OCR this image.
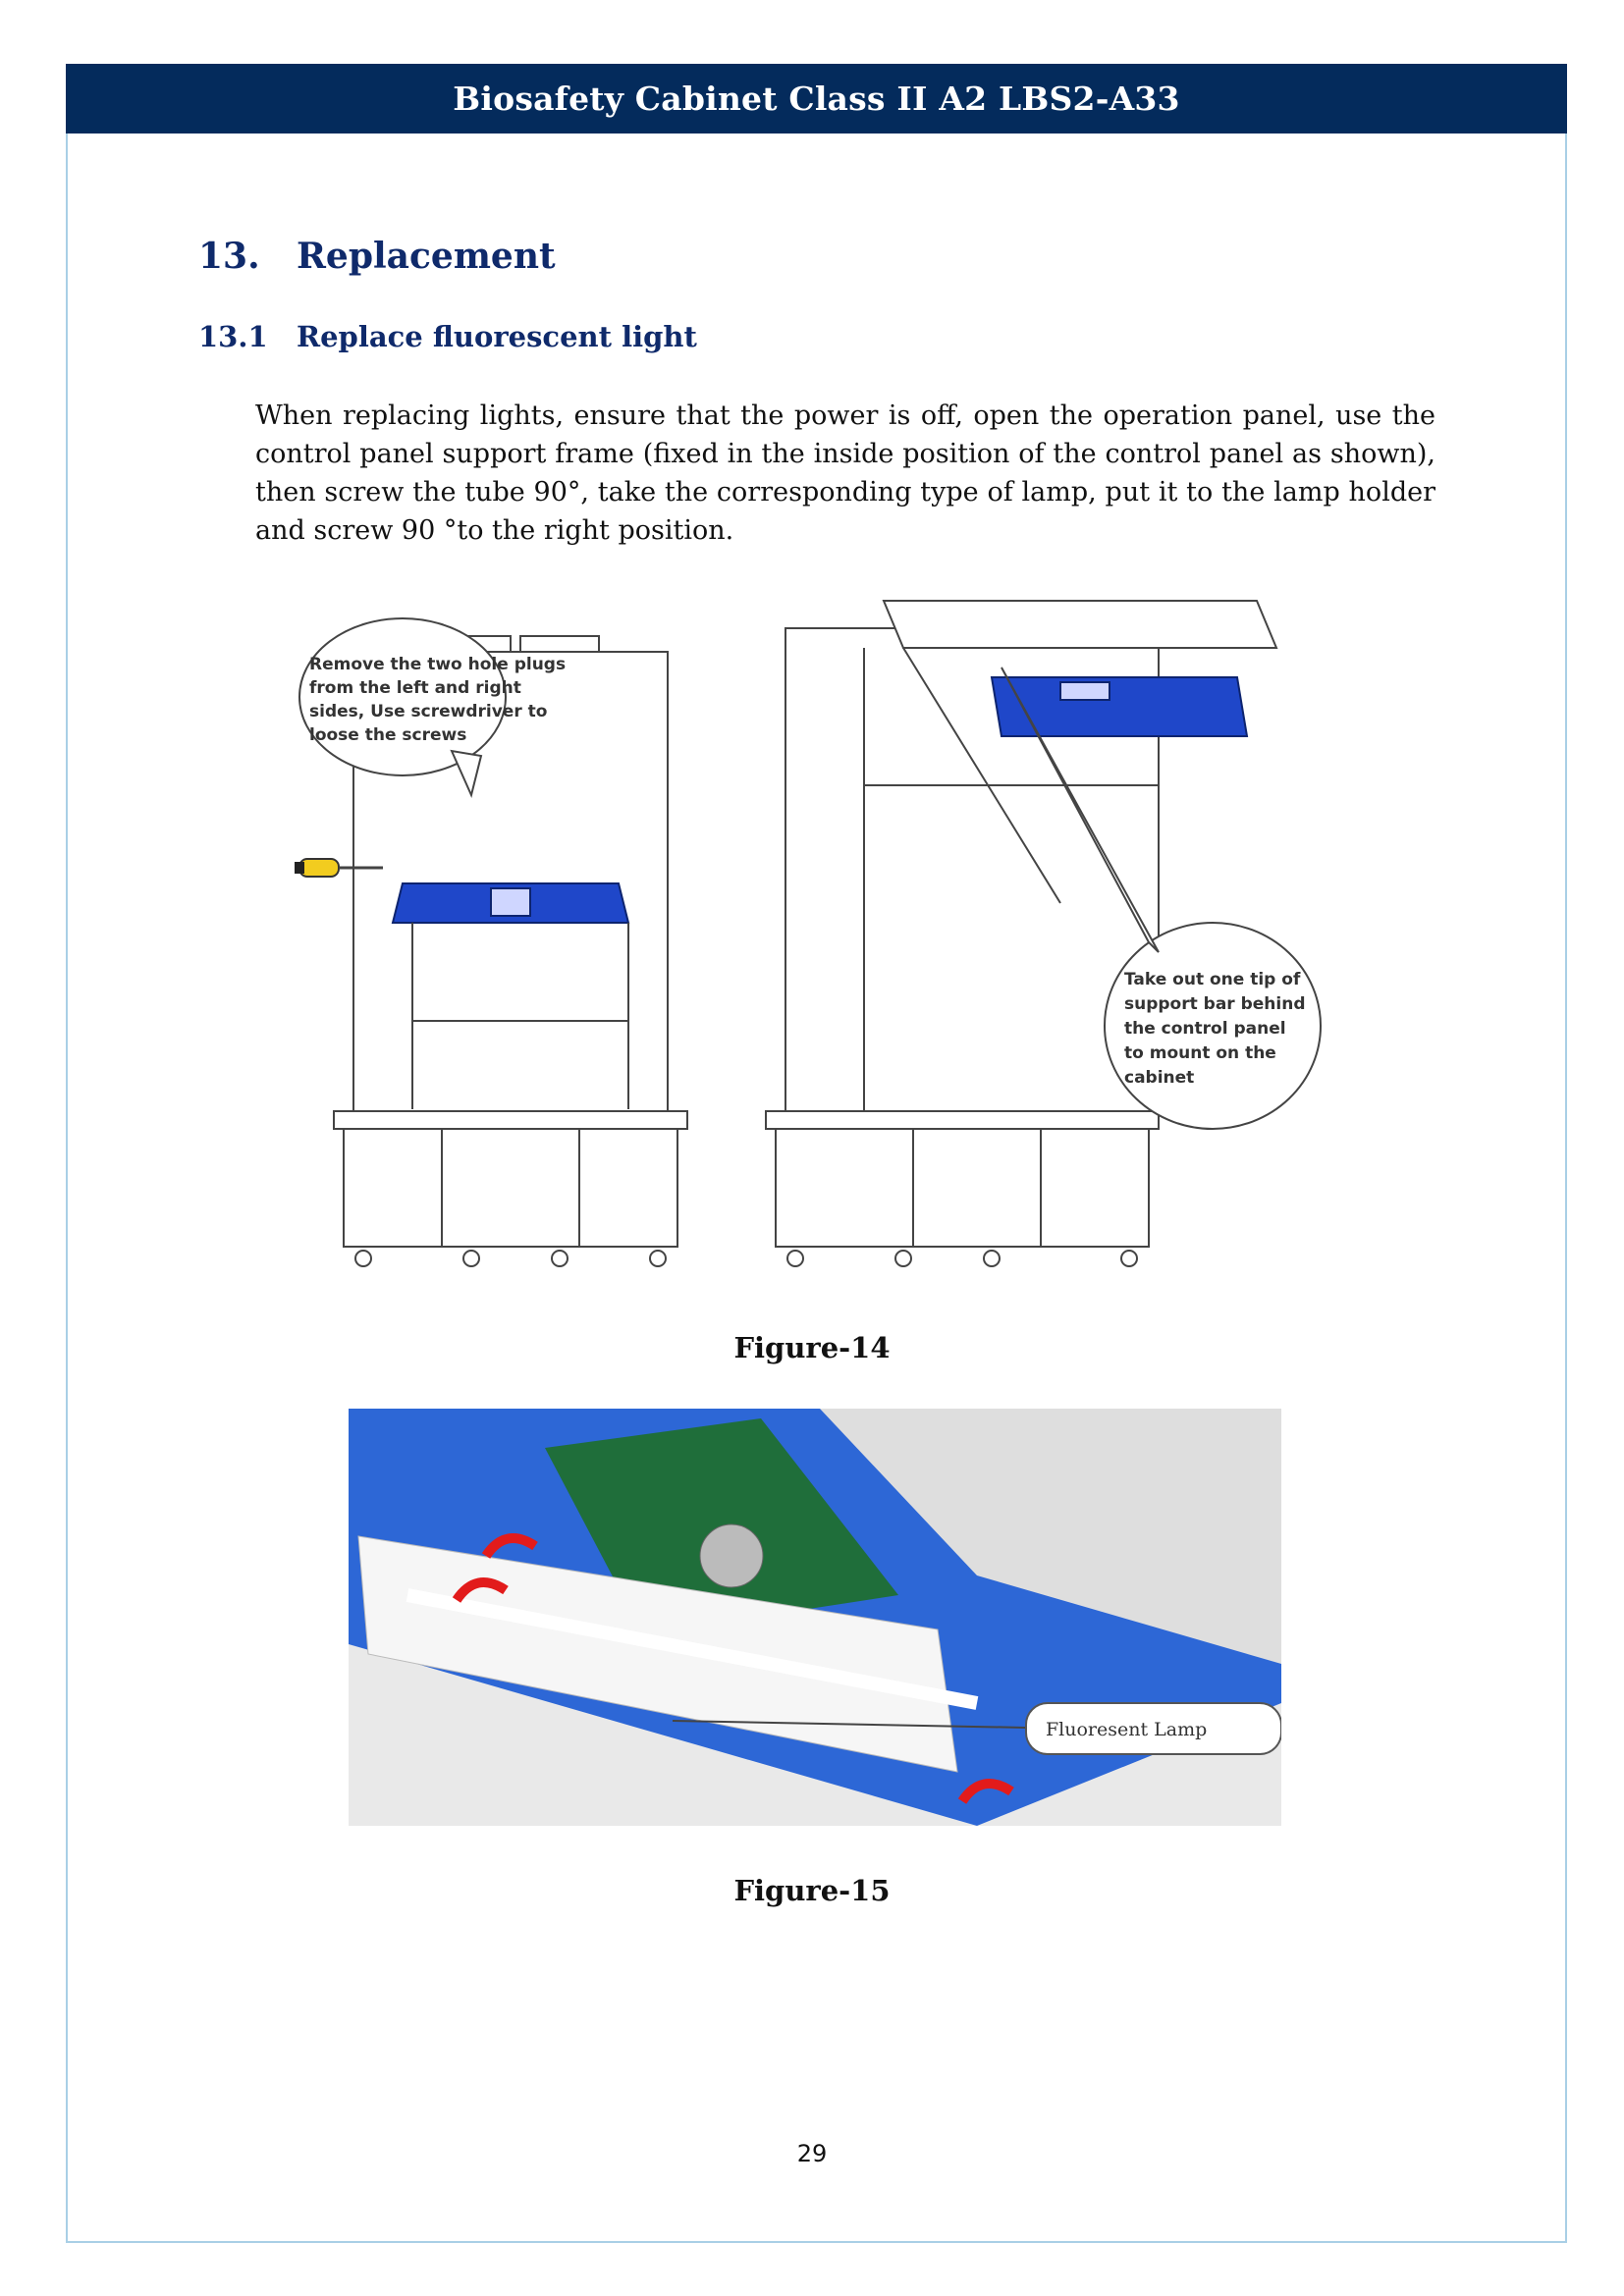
Biosafety Cabinet Class II A2 LBS2-A33
13. Replacement
13.1 Replace fluorescent light

When replacing lights, ensure that the power is off, open the operation panel, use the control panel support frame (fixed in the inside position of the control panel as shown), then screw the tube 90°, take the corresponding type of lamp, put it to the lamp holder and screw 90 °to the right position.

Remove the two hole plugs
from the left and right
sides, Use screwdriver to
loose the screws
Take out one tip of
support bar behind
the control panel
to mount on the
cabinet
Figure-14
Fluoresent Lamp
Figure-15
29
